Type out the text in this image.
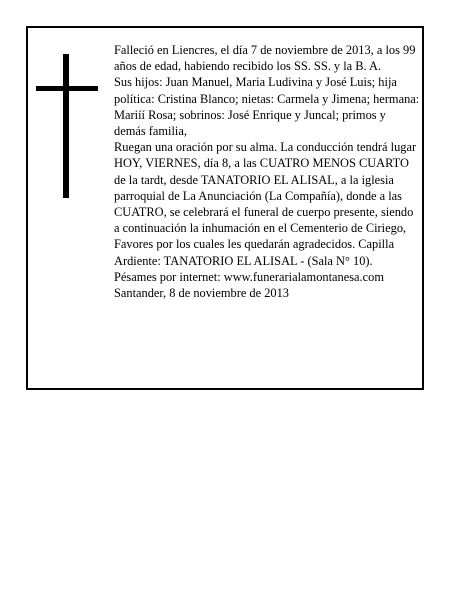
Falleció en Liencres, el día 7 de noviembre de 2013, a los 99 años de edad, habiendo recibido los SS. SS. y la B. A.

Sus hijos: Juan Manuel, Maria Ludivina y José Luis; hija política: Cristina Blanco; nietas: Carmela y Jimena; hermana: Mariíí Rosa; sobrinos: José Enrique y Juncal; primos y demás familia,

Ruegan una oración por su alma. La conducción tendrá lugar HOY, VIERNES, día 8, a las CUATRO MENOS CUARTO de la tardt, desde TANATORIO EL ALISAL, a la iglesia parroquial de La Anunciación (La Compañía), donde a las CUATRO, se celebrará el funeral de cuerpo presente, siendo a continuación la inhumación en el Cementerio de Ciriego, Favores por los cuales les quedarán agradecidos. Capilla Ardiente: TANATORIO EL ALISAL - (Sala N° 10).

Pésames por internet: www.funerarialamontanesa.com

Santander, 8 de noviembre de 2013
